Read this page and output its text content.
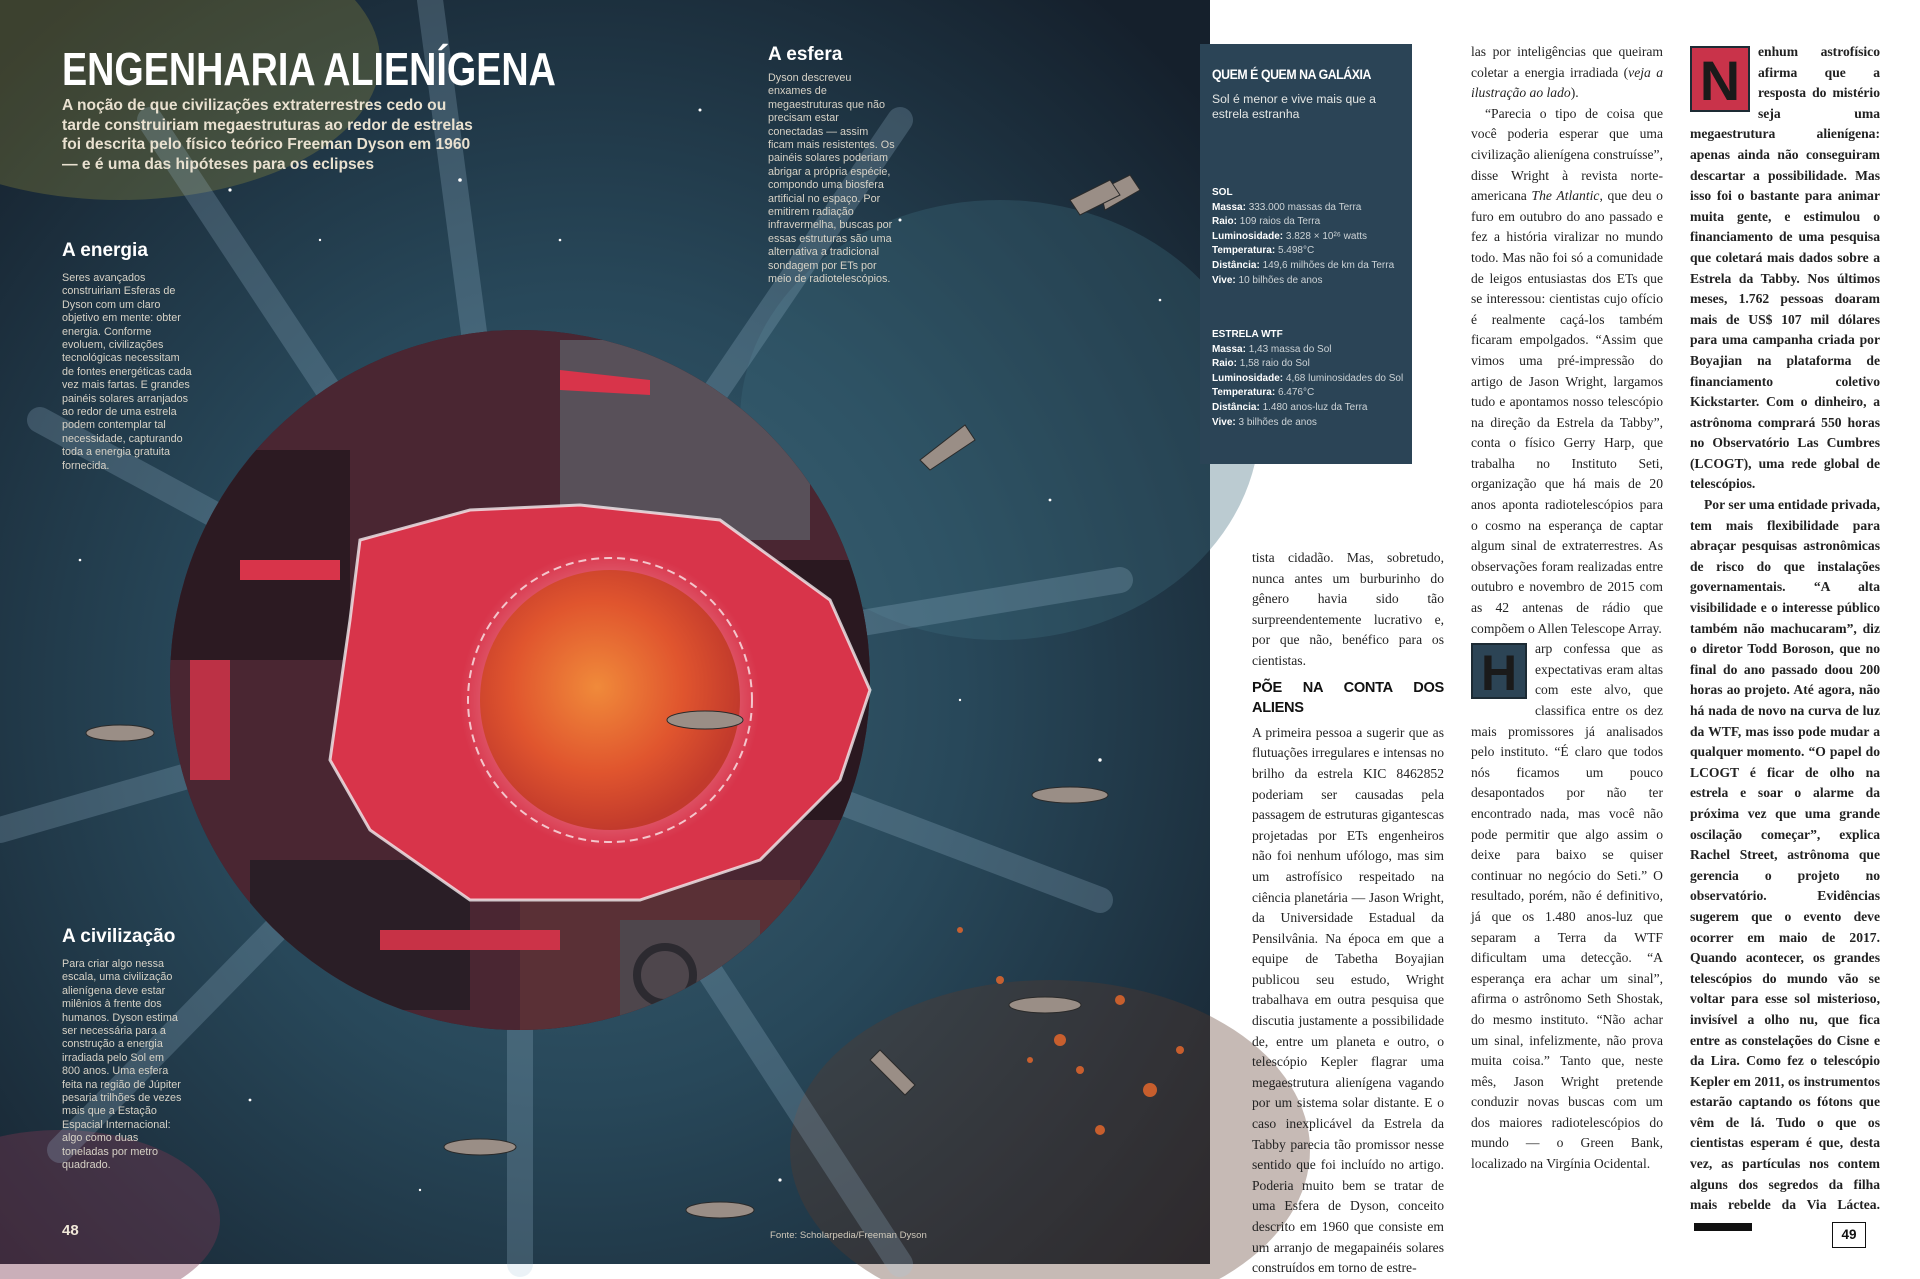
ENGENHARIA ALIENÍGENA
A noção de que civilizações extraterrestres cedo ou tarde construiriam megaestruturas ao redor de estrelas foi descrita pelo físico teórico Freeman Dyson em 1960 — e é uma das hipóteses para os eclipses
A energia
Seres avançados construiriam Esferas de Dyson com um claro objetivo em mente: obter energia. Conforme evoluem, civilizações tecnológicas necessitam de fontes energéticas cada vez mais fartas. E grandes painéis solares arranjados ao redor de uma estrela podem contemplar tal necessidade, capturando toda a energia gratuita fornecida.
A esfera
Dyson descreveu enxames de megaestruturas que não precisam estar conectadas — assim ficam mais resistentes. Os painéis solares poderiam abrigar a própria espécie, compondo uma biosfera artificial no espaço. Por emitirem radiação infravermelha, buscas por essas estruturas são uma alternativa a tradicional sondagem por ETs por meio de radiotelescópios.
A civilização
Para criar algo nessa escala, uma civilização alienígena deve estar milênios à frente dos humanos. Dyson estima ser necessária para a construção a energia irradiada pelo Sol em 800 anos. Uma esfera feita na região de Júpiter pesaria trilhões de vezes mais que a Estação Espacial Internacional: algo como duas toneladas por metro quadrado.
48	Fonte: Scholarpedia/Freeman Dyson
QUEM É QUEM NA GALÁXIA
Sol é menor e vive mais que a estrela estranha
SOL
Massa: 333.000 massas da Terra
Raio: 109 raios da Terra
Luminosidade: 3.828 × 10²⁶ watts
Temperatura: 5.498°C
Distância: 149,6 milhões de km da Terra
Vive: 10 bilhões de anos
ESTRELA WTF
Massa: 1,43 massa do Sol
Raio: 1,58 raio do Sol
Luminosidade: 4,68 luminosidades do Sol
Temperatura: 6.476°C
Distância: 1.480 anos-luz da Terra
Vive: 3 bilhões de anos

tista cidadão. Mas, sobretudo, nunca antes um burburinho do gênero havia sido tão surpreendentemente lucrativo e, por que não, benéfico para os cientistas.

PÕE NA CONTA DOS ALIENS

A primeira pessoa a sugerir que as flutuações irregulares e intensas no brilho da estrela KIC 8462852 poderiam ser causadas pela passagem de estruturas gigantescas projetadas por ETs engenheiros não foi nenhum ufólogo, mas sim um astrofísico respeitado na ciência planetária — Jason Wright, da Universidade Estadual da Pensilvânia. Na época em que a equipe de Tabetha Boyajian publicou seu estudo, Wright trabalhava em outra pesquisa que discutia justamente a possibilidade de, entre um planeta e outro, o telescópio Kepler flagrar uma megaestrutura alienígena vagando por um sistema solar distante. E o caso inexplicável da Estrela da Tabby parecia tão promissor nesse sentido que foi incluído no artigo. Poderia muito bem se tratar de uma Esfera de Dyson, conceito descrito em 1960 que consiste em um arranjo de megapainéis solares construídos em torno de estre-

las por inteligências que queiram coletar a energia irradiada (veja a ilustração ao lado).

“Parecia o tipo de coisa que você poderia esperar que uma civilização alienígena construísse”, disse Wright à revista norte-americana The Atlantic, que deu o furo em outubro do ano passado e fez a história viralizar no mundo todo. Mas não foi só a comunidade de leigos entusiastas dos ETs que se interessou: cientistas cujo ofício é realmente caçá-los também ficaram empolgados. “Assim que vimos uma pré-impressão do artigo de Jason Wright, largamos tudo e apontamos nosso telescópio na direção da Estrela da Tabby”, conta o físico Gerry Harp, que trabalha no Instituto Seti, organização que há mais de 20 anos aponta radiotelescópios para o cosmo na esperança de captar algum sinal de extraterrestres. As observações foram realizadas entre outubro e novembro de 2015 com as 42 antenas de rádio que compõem o Allen Telescope Array.

H	arp confessa que as expectativas eram altas com este alvo, que classifica entre os dez mais promissores já analisados pelo instituto. “É claro que todos nós ficamos um pouco desapontados por não ter encontrado nada, mas você não pode permitir que algo assim o deixe para baixo se quiser continuar no negócio do Seti.” O resultado, porém, não é definitivo, já que os 1.480 anos-luz que separam a Terra da WTF dificultam uma detecção. “A esperança era achar um sinal”, afirma o astrônomo Seth Shostak, do mesmo instituto. “Não achar um sinal, infelizmente, não prova muita coisa.” Tanto que, neste mês, Jason Wright pretende conduzir novas buscas com um dos maiores radiotelescópios do mundo — o Green Bank, localizado na Virgínia Ocidental.

N	enhum astrofísico afirma que a resposta do mistério seja uma megaestrutura alienígena: apenas ainda não conseguiram descartar a possibilidade. Mas isso foi o bastante para animar muita gente, e estimulou o financiamento de uma pesquisa que coletará mais dados sobre a Estrela da Tabby. Nos últimos meses, 1.762 pessoas doaram mais de US$ 107 mil dólares para uma campanha criada por Boyajian na plataforma de financiamento coletivo Kickstarter. Com o dinheiro, a astrônoma comprará 550 horas no Observatório Las Cumbres (LCOGT), uma rede global de telescópios.

Por ser uma entidade privada, tem mais flexibilidade para abraçar pesquisas astronômicas de risco do que instalações governamentais. “A alta visibilidade e o interesse público também não machucaram”, diz o diretor Todd Boroson, que no final do ano passado doou 200 horas ao projeto. Até agora, não há nada de novo na curva de luz da WTF, mas isso pode mudar a qualquer momento. “O papel do LCOGT é ficar de olho na estrela e soar o alarme da próxima vez que uma grande oscilação começar”, explica Rachel Street, astrônoma que gerencia o projeto no observatório. Evidências sugerem que o evento deve ocorrer em maio de 2017. Quando acontecer, os grandes telescópios do mundo vão se voltar para esse sol misterioso, invisível a olho nu, que fica entre as constelações do Cisne e da Lira. Como fez o telescópio Kepler em 2011, os instrumentos estarão captando os fótons que vêm de lá. Tudo o que os cientistas esperam é que, desta vez, as partículas nos contem alguns dos segredos da filha mais rebelde da Via Láctea.

49
